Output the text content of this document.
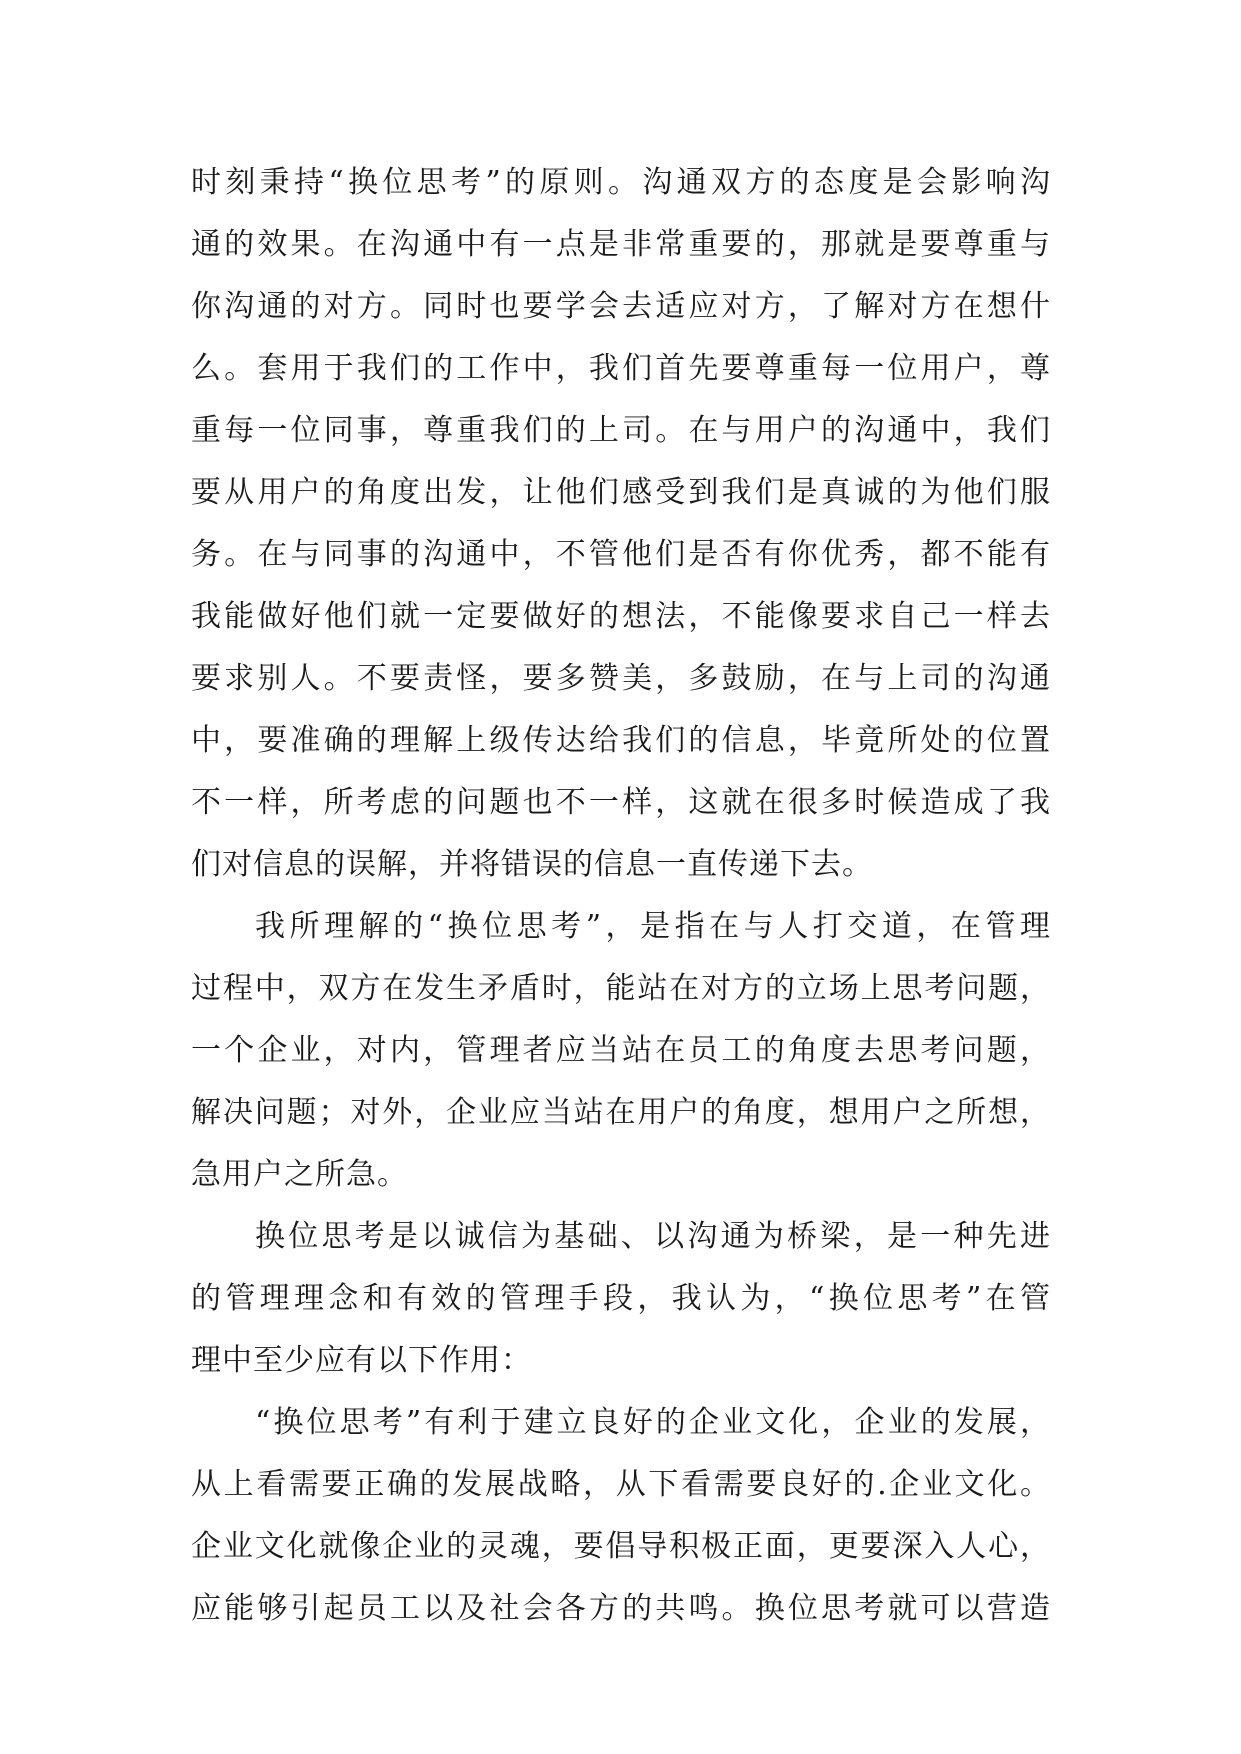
时刻秉持“换位思考”的原则。沟通双方的态度是会影响沟
通的效果。在沟通中有一点是非常重要的，那就是要尊重与
你沟通的对方。同时也要学会去适应对方，了解对方在想什
么。套用于我们的工作中，我们首先要尊重每一位用户，尊
重每一位同事，尊重我们的上司。在与用户的沟通中，我们
要从用户的角度出发，让他们感受到我们是真诚的为他们服
务。在与同事的沟通中，不管他们是否有你优秀，都不能有
我能做好他们就一定要做好的想法，不能像要求自己一样去
要求别人。不要责怪，要多赞美，多鼓励，在与上司的沟通
中，要准确的理解上级传达给我们的信息，毕竟所处的位置
不一样，所考虑的问题也不一样，这就在很多时候造成了我
们对信息的误解，并将错误的信息一直传递下去。
我所理解的“换位思考”，是指在与人打交道，在管理
过程中，双方在发生矛盾时，能站在对方的立场上思考问题，
一个企业，对内，管理者应当站在员工的角度去思考问题，
解决问题；对外，企业应当站在用户的角度，想用户之所想，
急用户之所急。
换位思考是以诚信为基础、以沟通为桥梁，是一种先进
的管理理念和有效的管理手段，我认为，“换位思考”在管
理中至少应有以下作用：
“换位思考”有利于建立良好的企业文化，企业的发展，
从上看需要正确的发展战略，从下看需要良好的.企业文化。
企业文化就像企业的灵魂，要倡导积极正面，更要深入人心，
应能够引起员工以及社会各方的共鸣。换位思考就可以营造
